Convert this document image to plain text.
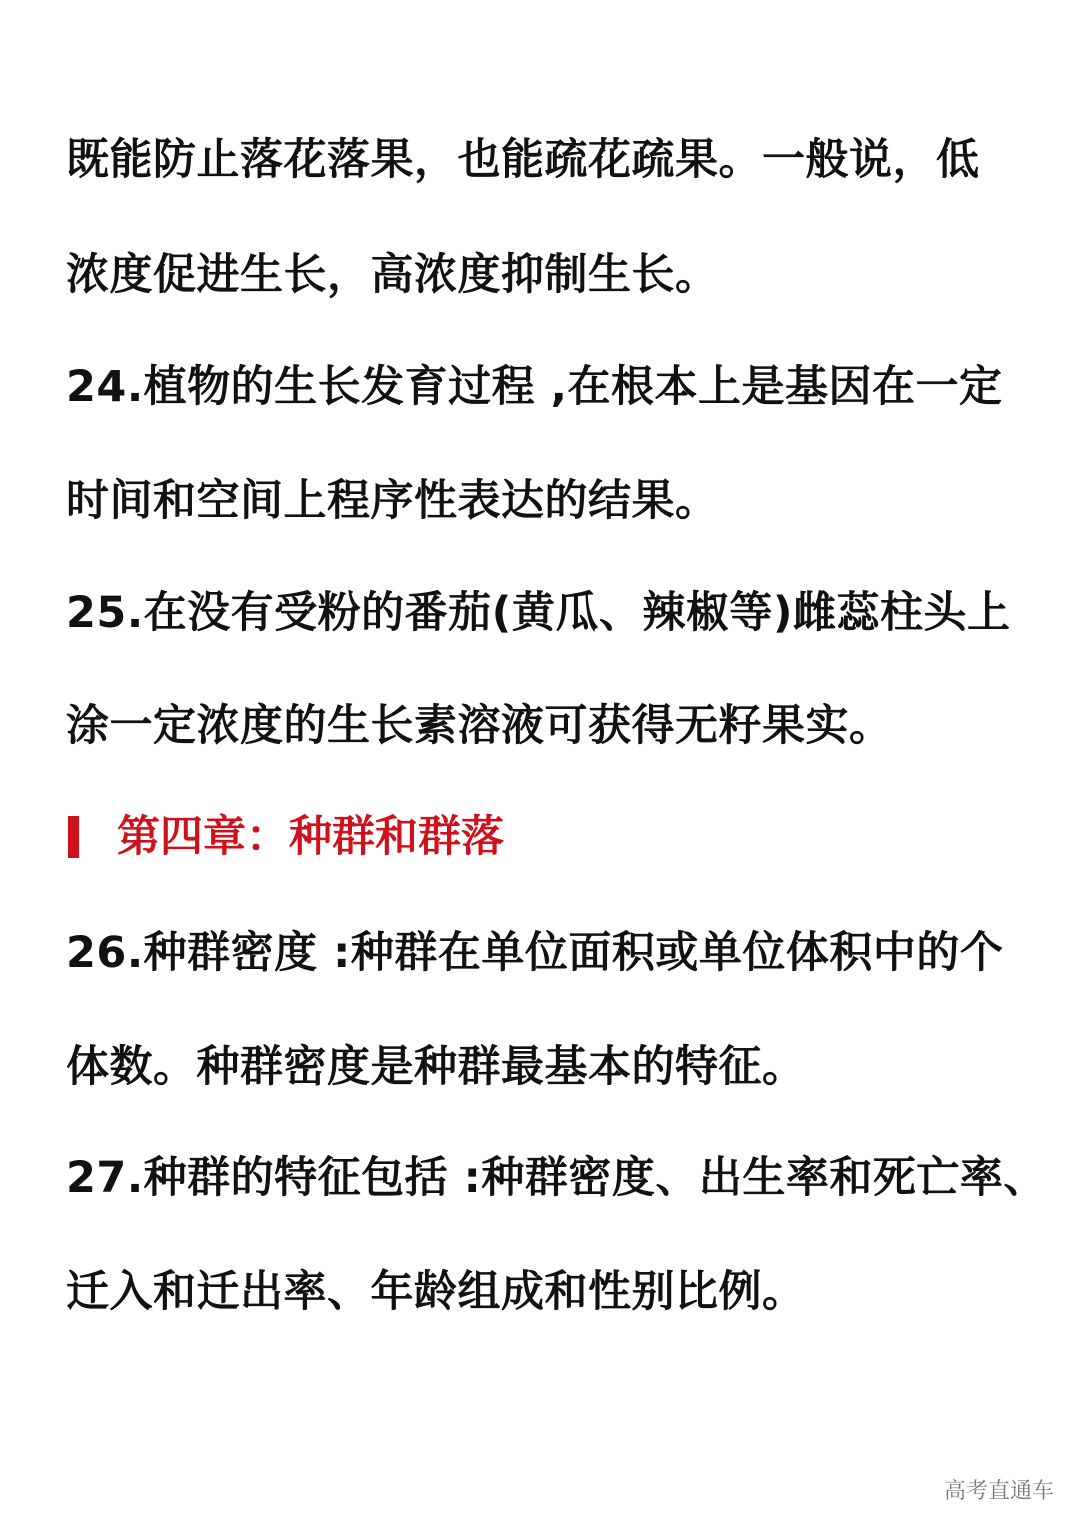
既能防止落花落果，也能疏花疏果。一般说，低
浓度促进生长，高浓度抑制生长。
24.植物的生长发育过程 ,在根本上是基因在一定
时间和空间上程序性表达的结果。
25.在没有受粉的番茄(黄瓜、辣椒等)雌蕊柱头上
涂一定浓度的生长素溶液可获得无籽果实。
第四章：种群和群落
26.种群密度 :种群在单位面积或单位体积中的个
体数。种群密度是种群最基本的特征。
27.种群的特征包括 :种群密度、出生率和死亡率、
迁入和迁出率、年龄组成和性别比例。
高考直通车
